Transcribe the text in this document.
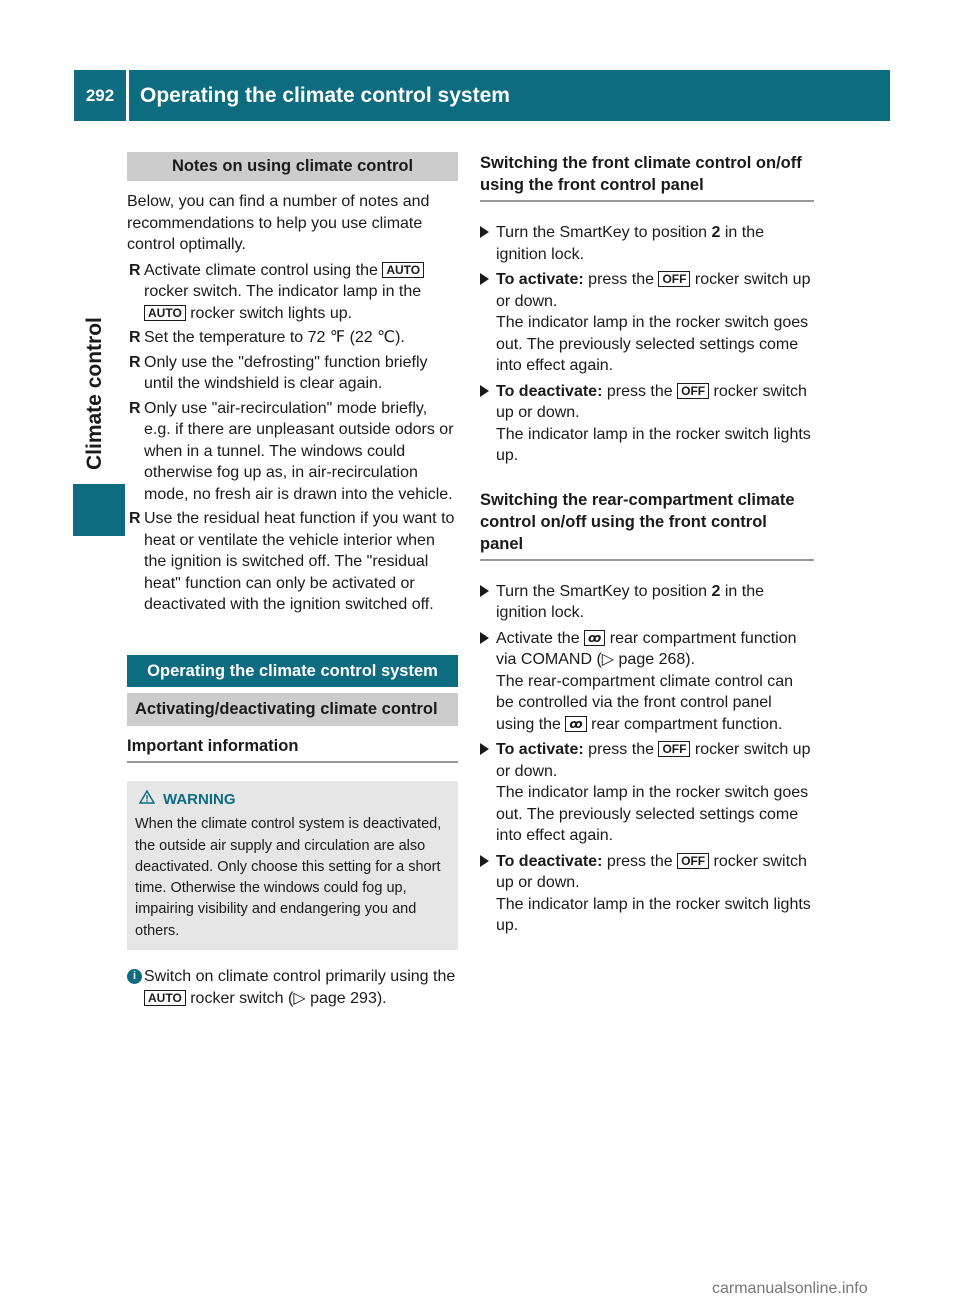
292	Operating the climate control system
Notes on using climate control

Below, you can find a number of notes and recommendations to help you use climate control optimally.

R Activate climate control using the AUTO rocker switch. The indicator lamp in the AUTO rocker switch lights up.
R Set the temperature to 72 ℉ (22 ℃).
R Only use the "defrosting" function briefly until the windshield is clear again.
R Only use "air-recirculation" mode briefly, e.g. if there are unpleasant outside odors or when in a tunnel. The windows could otherwise fog up as, in air-recirculation mode, no fresh air is drawn into the vehicle.
R Use the residual heat function if you want to heat or ventilate the vehicle interior when the ignition is switched off. The "residual heat" function can only be activated or deactivated with the ignition switched off.
Operating the climate control system
Activating/deactivating climate control
Important information
WARNING
When the climate control system is deactivated, the outside air supply and circulation are also deactivated. Only choose this setting for a short time. Otherwise the windows could fog up, impairing visibility and endangering you and others.
i Switch on climate control primarily using the AUTO rocker switch (▷ page 293).
Switching the front climate control on/off using the front control panel
Turn the SmartKey to position 2 in the ignition lock.
To activate: press the OFF rocker switch up or down.
The indicator lamp in the rocker switch goes out. The previously selected settings come into effect again.
To deactivate: press the OFF rocker switch up or down.
The indicator lamp in the rocker switch lights up.
Switching the rear-compartment climate control on/off using the front control panel
Turn the SmartKey to position 2 in the ignition lock.
Activate the ꝏ rear compartment function via COMAND (▷ page 268).
The rear-compartment climate control can be controlled via the front control panel using the ꝏ rear compartment function.
To activate: press the OFF rocker switch up or down.
The indicator lamp in the rocker switch goes out. The previously selected settings come into effect again.
To deactivate: press the OFF rocker switch up or down.
The indicator lamp in the rocker switch lights up.
carmanualsonline.info
